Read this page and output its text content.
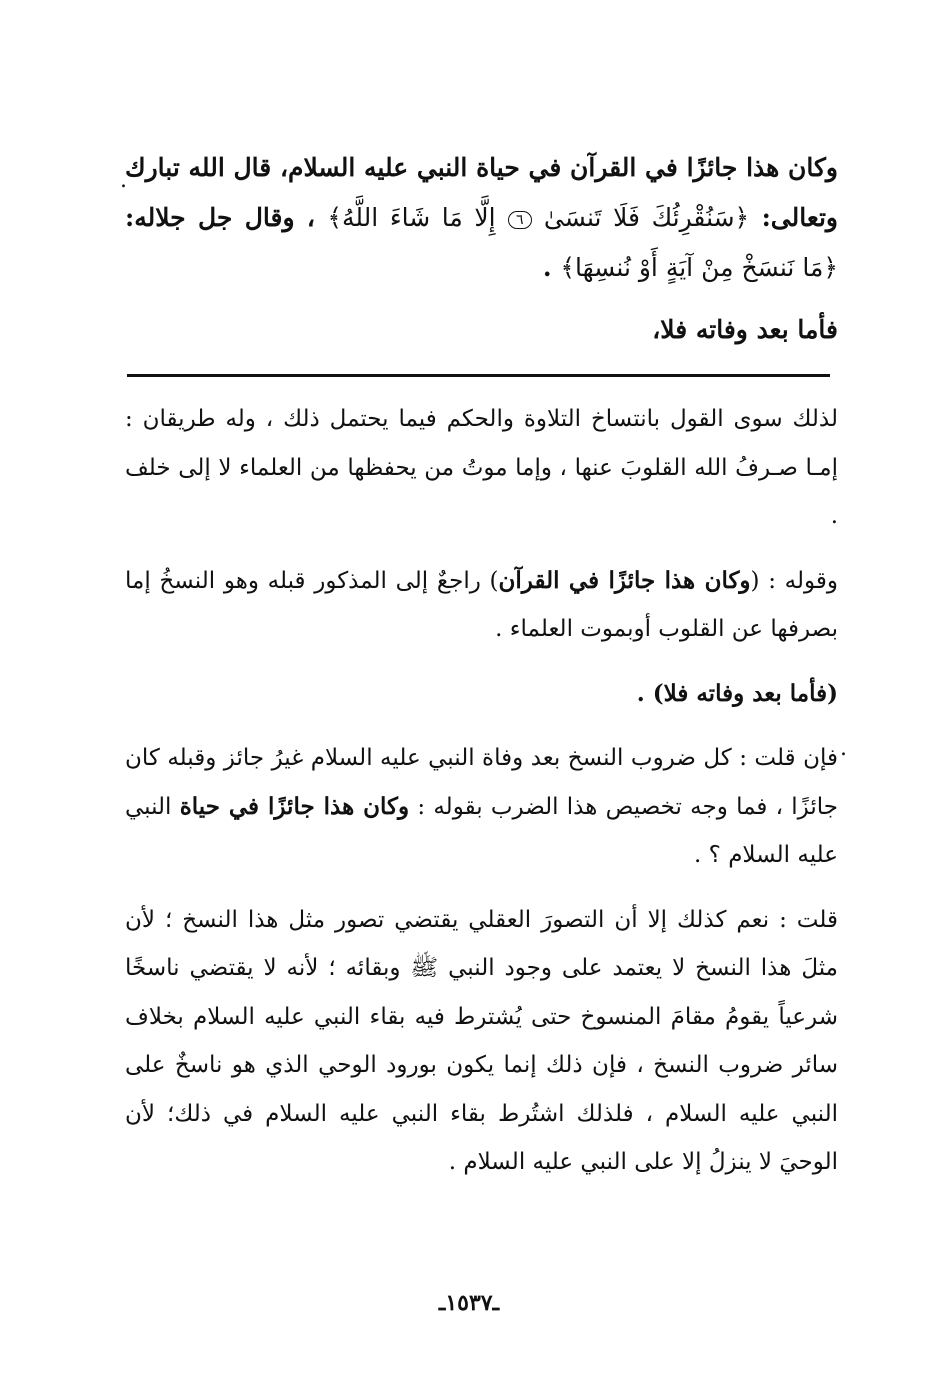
.
.

وكان هذا جائزًا في القرآن في حياة النبي عليه السلام، قال الله تبارك وتعالى: ﴿سَنُقْرِئُكَ فَلَا تَنسَىٰ ٦ إِلَّا مَا شَاءَ اللَّهُ﴾ ، وقال جل جلاله: ﴿مَا نَنسَخْ مِنْ آيَةٍ أَوْ نُنسِهَا﴾ .

فأما بعد وفاته فلا،

لذلك سوى القول بانتساخ التلاوة والحكم فيما يحتمل ذلك ، وله طريقان : إمـا صـرفُ الله القلوبَ عنها ، وإما موتُ من يحفظها من العلماء لا إلى خلف .

وقوله : (وكان هذا جائزًا في القرآن) راجعٌ إلى المذكور قبله وهو النسخُ إما بصرفها عن القلوب أوبموت العلماء .

(فأما بعد وفاته فلا) .

فإن قلت : كل ضروب النسخ بعد وفاة النبي عليه السلام غيرُ جائز وقبله كان جائزًا ، فما وجه تخصيص هذا الضرب بقوله : وكان هذا جائزًا في حياة النبي عليه السلام ؟ .

قلت : نعم كذلك إلا أن التصورَ العقلي يقتضي تصور مثل هذا النسخ ؛ لأن مثلَ هذا النسخ لا يعتمد على وجود النبي ﷺ وبقائه ؛ لأنه لا يقتضي ناسخًا شرعياً يقومُ مقامَ المنسوخ حتى يُشترط فيه بقاء النبي عليه السلام بخلاف سائر ضروب النسخ ، فإن ذلك إنما يكون بورود الوحي الذي هو ناسخٌ على النبي عليه السلام ، فلذلك اشتُرط بقاء النبي عليه السلام في ذلك؛ لأن الوحيَ لا ينزلُ إلا على النبي عليه السلام .

ـ١٥٣٧ـ
